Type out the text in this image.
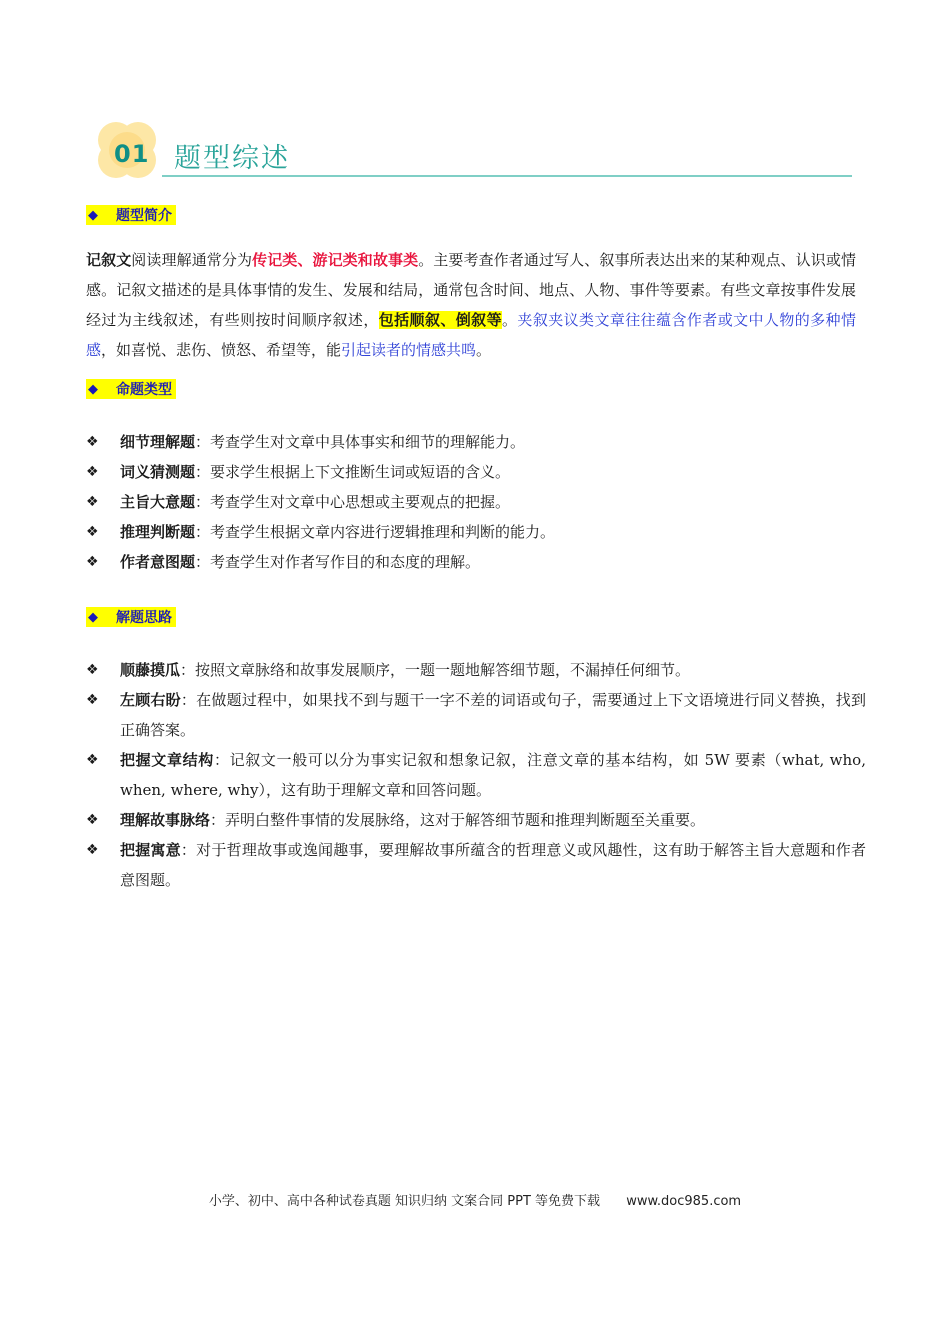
01 题型综述
◆ 题型简介
记叙文阅读理解通常分为传记类、游记类和故事类。主要考查作者通过写人、叙事所表达出来的某种观点、认识或情感。记叙文描述的是具体事情的发生、发展和结局，通常包含时间、地点、人物、事件等要素。有些文章按事件发展经过为主线叙述，有些则按时间顺序叙述，包括顺叙、倒叙等。夹叙夹议类文章往往蕴含作者或文中人物的多种情感，如喜悦、悲伤、愤怒、希望等，能引起读者的情感共鸣。
◆ 命题类型
❖ 细节理解题：考查学生对文章中具体事实和细节的理解能力。
❖ 词义猜测题：要求学生根据上下文推断生词或短语的含义。
❖ 主旨大意题：考查学生对文章中心思想或主要观点的把握。
❖ 推理判断题：考查学生根据文章内容进行逻辑推理和判断的能力。
❖ 作者意图题：考查学生对作者写作目的和态度的理解。
◆ 解题思路
❖ 顺藤摸瓜：按照文章脉络和故事发展顺序，一题一题地解答细节题，不漏掉任何细节。
❖ 左顾右盼：在做题过程中，如果找不到与题干一字不差的词语或句子，需要通过上下文语境进行同义替换，找到正确答案。
❖ 把握文章结构：记叙文一般可以分为事实记叙和想象记叙，注意文章的基本结构，如 5W 要素（what, who, when, where, why），这有助于理解文章和回答问题。
❖ 理解故事脉络：弄明白整件事情的发展脉络，这对于解答细节题和推理判断题至关重要。
❖ 把握寓意：对于哲理故事或逸闻趣事，要理解故事所蕴含的哲理意义或风趣性，这有助于解答主旨大意题和作者意图题。
小学、初中、高中各种试卷真题 知识归纳 文案合同 PPT 等免费下载 www.doc985.com
